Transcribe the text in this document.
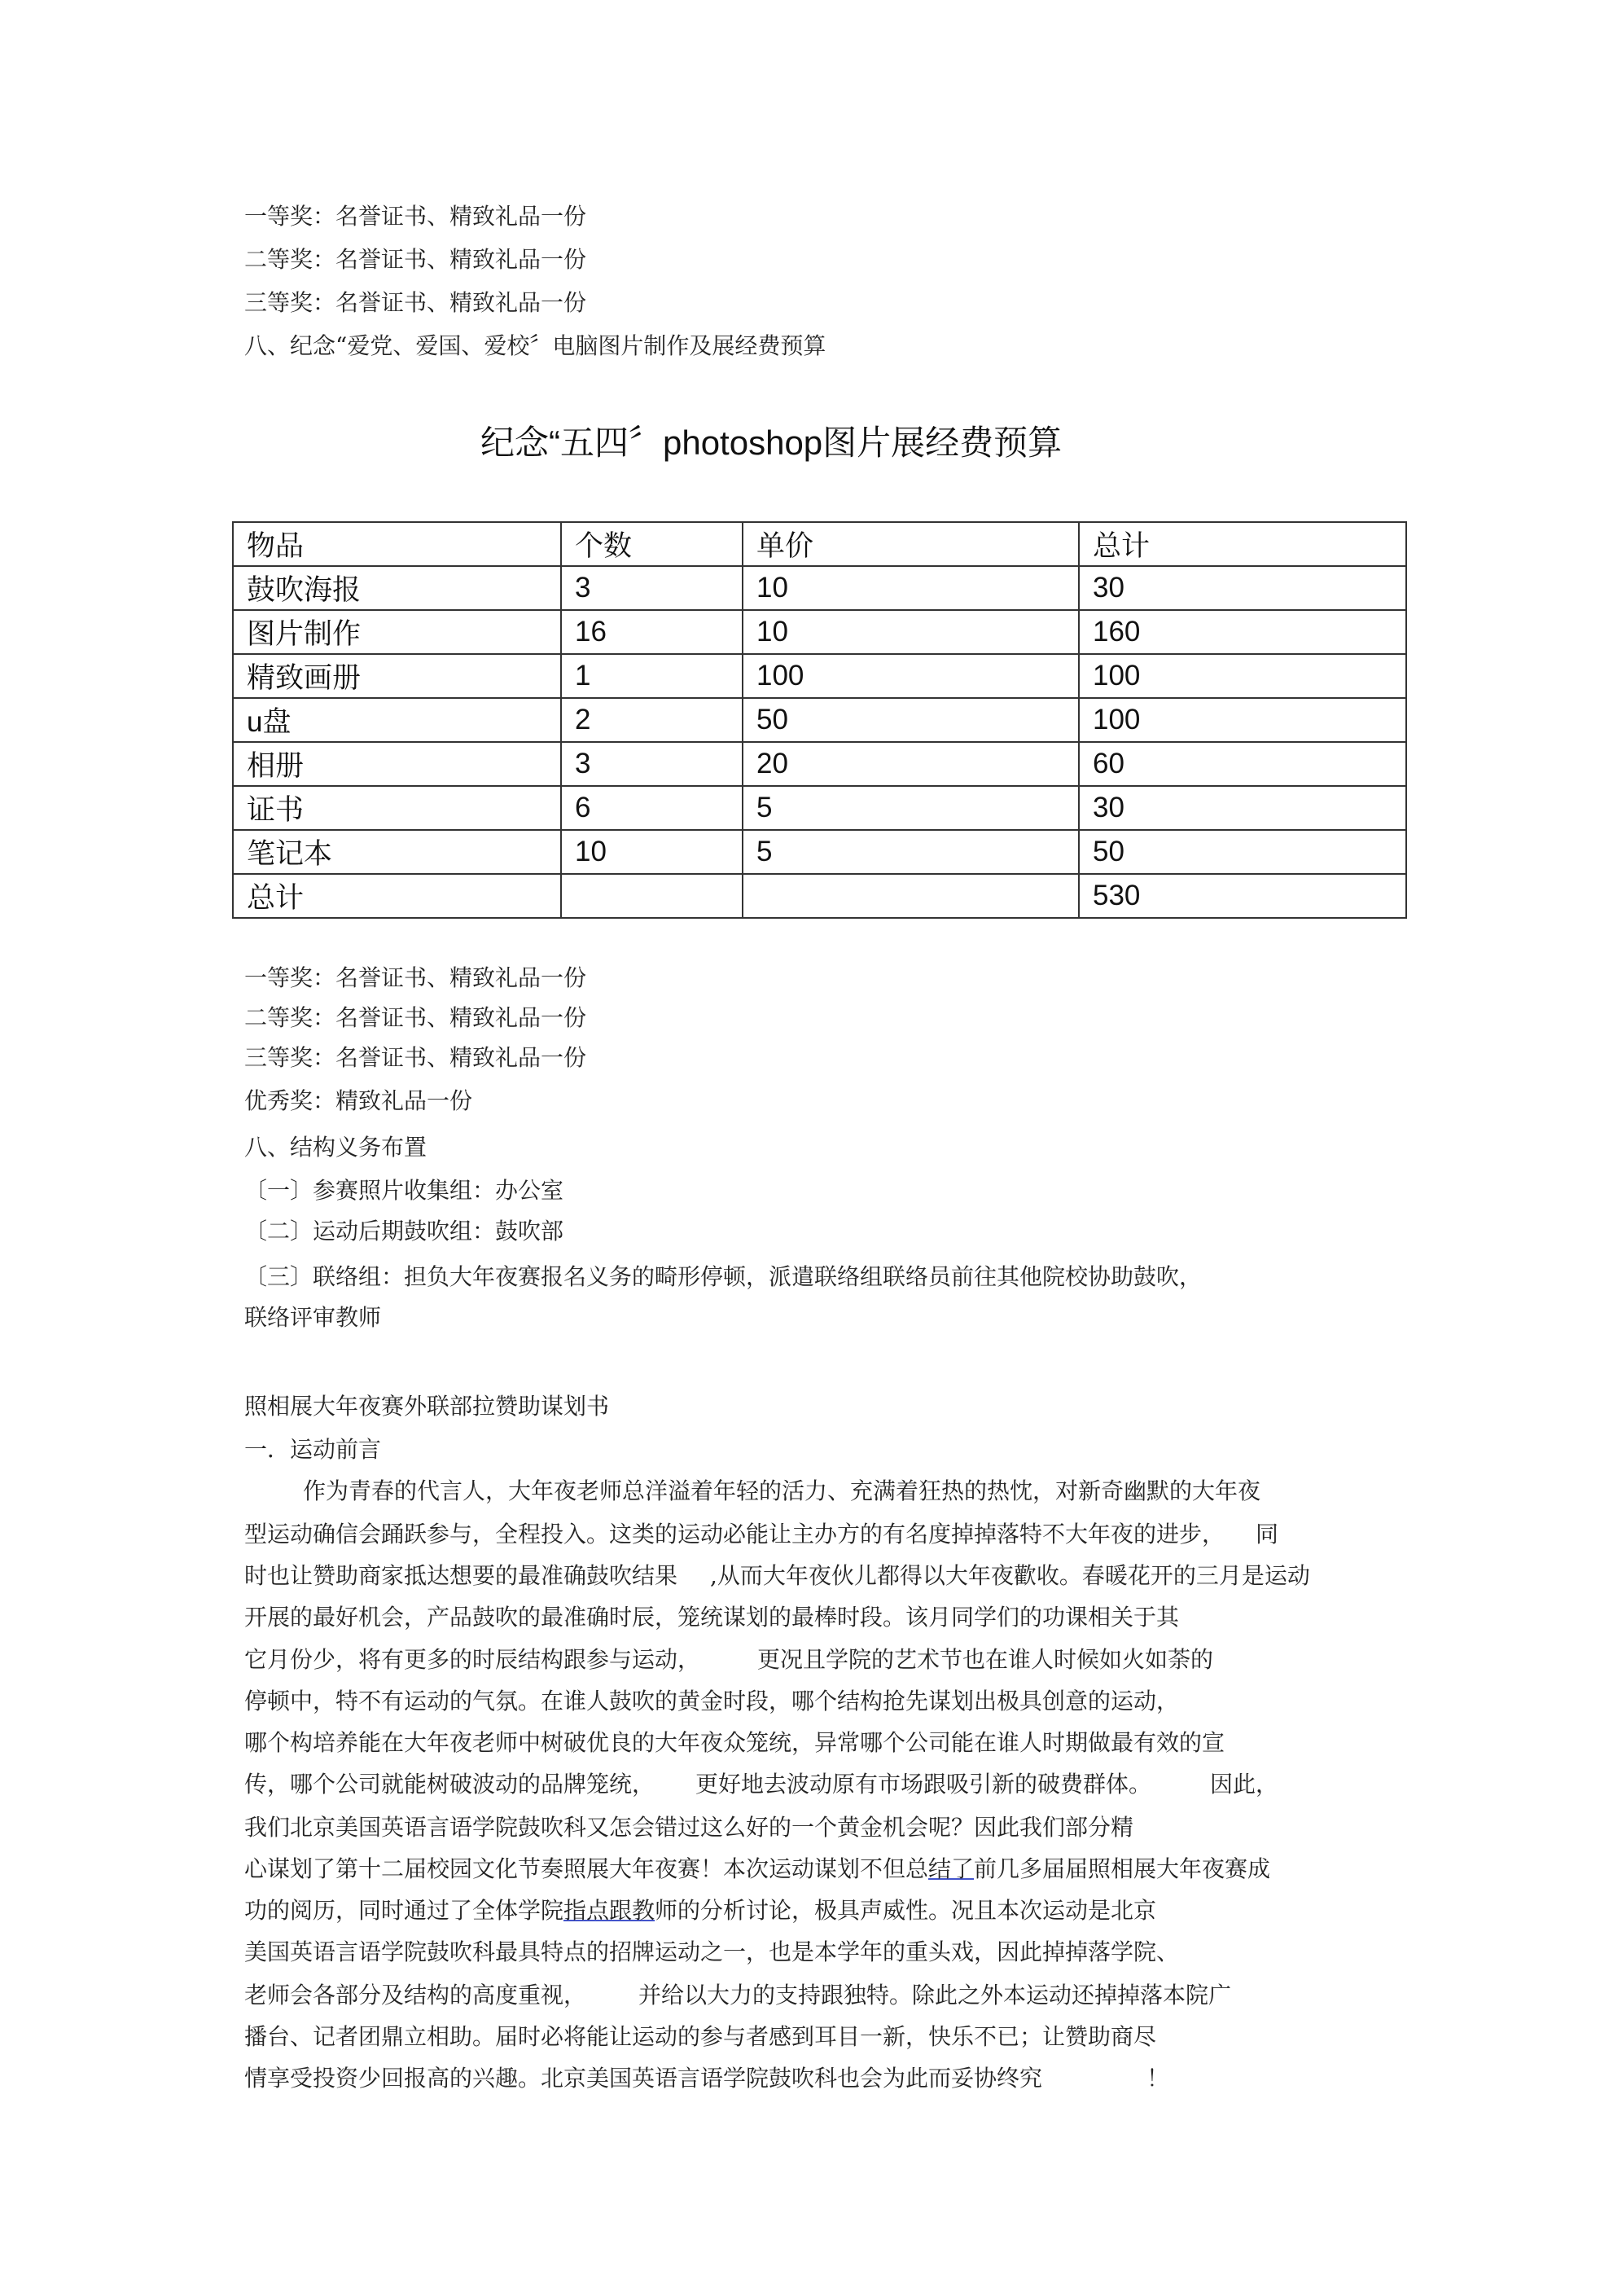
一等奖：名誉证书、精致礼品一份
二等奖：名誉证书、精致礼品一份
三等奖：名誉证书、精致礼品一份
八、纪念“爱党、爱国、爱校〞电脑图片制作及展经费预算
纪念“五四〞photoshop图片展经费预算
物品	个数	单价	总计
鼓吹海报	3	10	30
图片制作	16	10	160
精致画册	1	100	100
u盘	2	50	100
相册	3	20	60
证书	6	5	30
笔记本	10	5	50
总计			530
一等奖：名誉证书、精致礼品一份
二等奖：名誉证书、精致礼品一份
三等奖：名誉证书、精致礼品一份
优秀奖：精致礼品一份
八、结构义务布置
〔一〕参赛照片收集组：办公室
〔二〕运动后期鼓吹组：鼓吹部
〔三〕联络组：担负大年夜赛报名义务的畸形停顿，派遣联络组联络员前往其他院校协助鼓吹，
联络评审教师
照相展大年夜赛外联部拉赞助谋划书
一．运动前言
作为青春的代言人，大年夜老师总洋溢着年轻的活力、充满着狂热的热忱，对新奇幽默的大年夜
型运动确信会踊跃参与，全程投入。这类的运动必能让主办方的有名度掉掉落特不大年夜的进步， 同
时也让赞助商家抵达想要的最准确鼓吹结果 ,从而大年夜伙儿都得以大年夜歡收。春暖花开的三月是运动
开展的最好机会，产品鼓吹的最准确时辰，笼统谋划的最棒时段。该月同学们的功课相关于其
它月份少，将有更多的时辰结构跟参与运动，	更况且学院的艺术节也在谁人时候如火如荼的
停顿中，特不有运动的气氛。在谁人鼓吹的黄金时段，哪个结构抢先谋划出极具创意的运动，
哪个构培养能在大年夜老师中树破优良的大年夜众笼统，异常哪个公司能在谁人时期做最有效的宣
传，哪个公司就能树破波动的品牌笼统， 更好地去波动原有市场跟吸引新的破费群体。	因此，
我们北京美国英语言语学院鼓吹科又怎会错过这么好的一个黄金机会呢？因此我们部分精
心谋划了第十二届校园文化节奏照展大年夜赛！本次运动谋划不但总结了前几多届届照相展大年夜赛成
功的阅历，同时通过了全体学院指点跟教师的分析讨论，极具声威性。况且本次运动是北京
美国英语言语学院鼓吹科最具特点的招牌运动之一，也是本学年的重头戏，因此掉掉落学院、
老师会各部分及结构的高度重视， 并给以大力的支持跟独特。除此之外本运动还掉掉落本院广
播台、记者团鼎立相助。届时必将能让运动的参与者感到耳目一新，快乐不已；让赞助商尽
情享受投资少回报高的兴趣。北京美国英语言语学院鼓吹科也会为此而妥协终究	！
